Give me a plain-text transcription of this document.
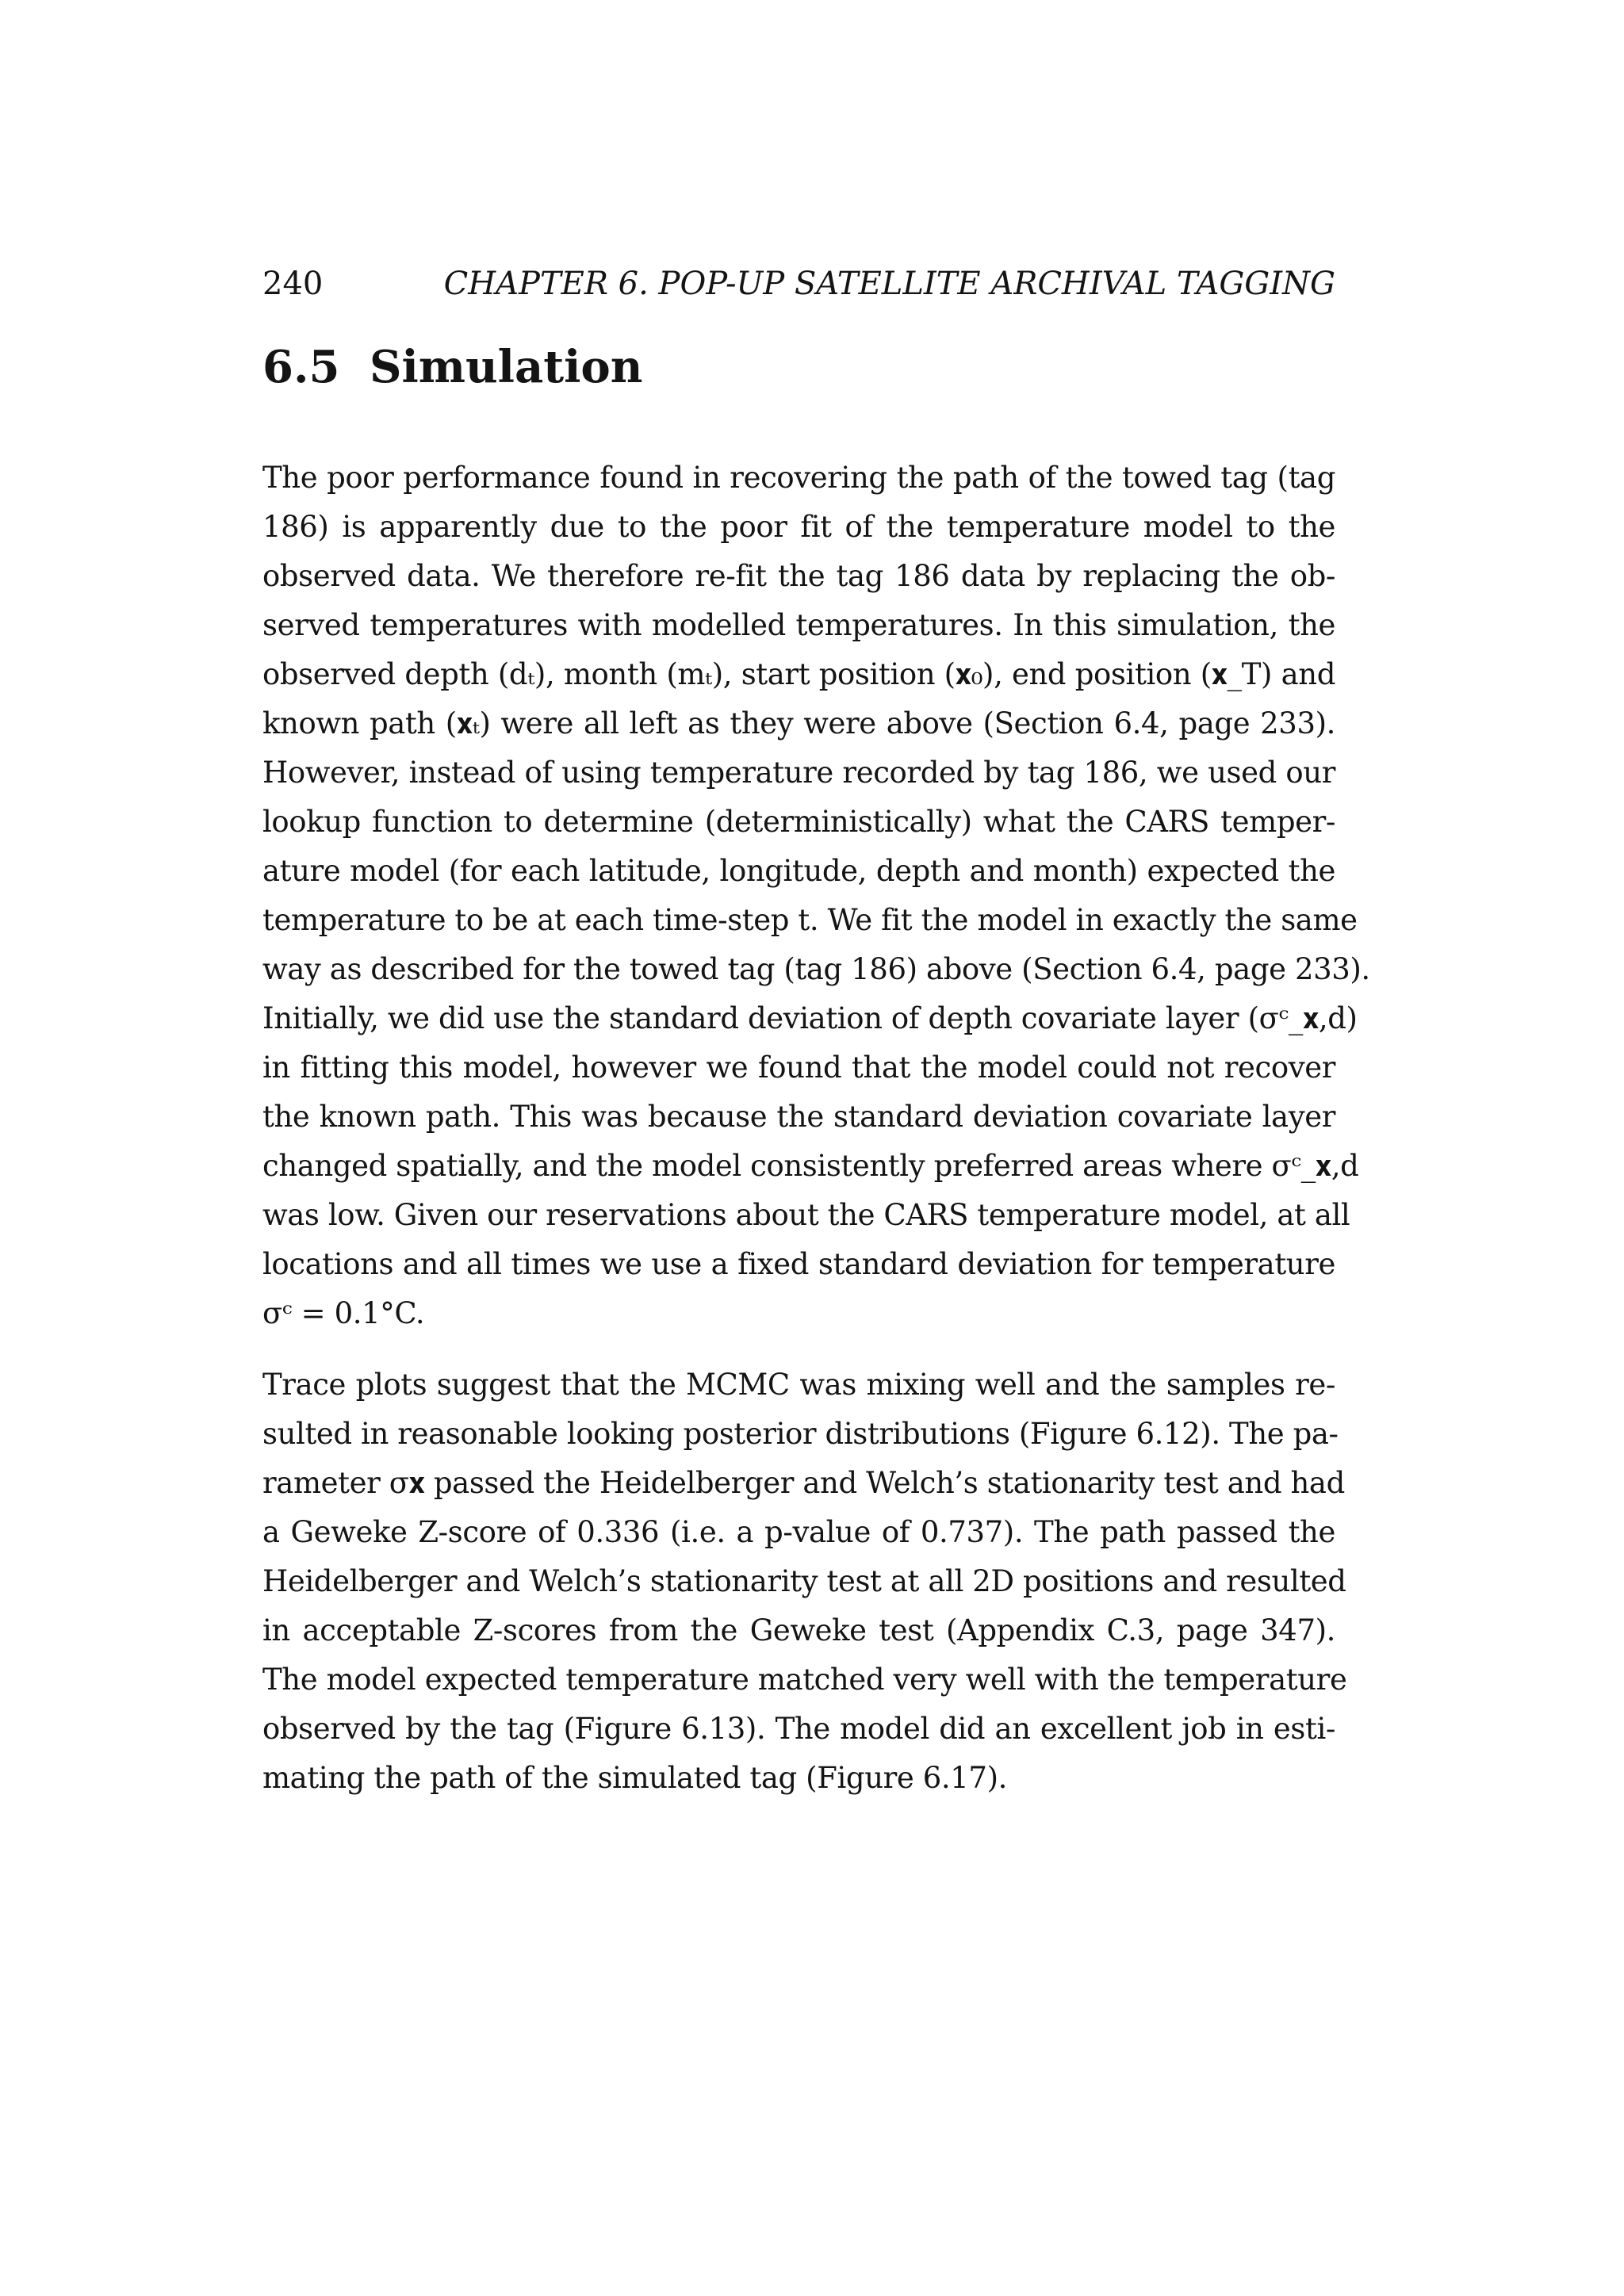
240	CHAPTER 6. POP-UP SATELLITE ARCHIVAL TAGGING
6.5 Simulation
The poor performance found in recovering the path of the towed tag (tag
186) is apparently due to the poor fit of the temperature model to the
observed data. We therefore re-fit the tag 186 data by replacing the ob-
served temperatures with modelled temperatures. In this simulation, the
observed depth (dₜ), month (mₜ), start position (𝐱₀), end position (𝐱_T) and
known path (𝐱ₜ) were all left as they were above (Section 6.4, page 233).
However, instead of using temperature recorded by tag 186, we used our
lookup function to determine (deterministically) what the CARS temper-
ature model (for each latitude, longitude, depth and month) expected the
temperature to be at each time-step t. We fit the model in exactly the same
way as described for the towed tag (tag 186) above (Section 6.4, page 233).
Initially, we did use the standard deviation of depth covariate layer (σᶜ_𝐱,d)
in fitting this model, however we found that the model could not recover
the known path. This was because the standard deviation covariate layer
changed spatially, and the model consistently preferred areas where σᶜ_𝐱,d
was low. Given our reservations about the CARS temperature model, at all
locations and all times we use a fixed standard deviation for temperature
σᶜ = 0.1°C.
Trace plots suggest that the MCMC was mixing well and the samples re-
sulted in reasonable looking posterior distributions (Figure 6.12). The pa-
rameter σ𝐱 passed the Heidelberger and Welch’s stationarity test and had
a Geweke Z-score of 0.336 (i.e. a p-value of 0.737). The path passed the
Heidelberger and Welch’s stationarity test at all 2D positions and resulted
in acceptable Z-scores from the Geweke test (Appendix C.3, page 347).
The model expected temperature matched very well with the temperature
observed by the tag (Figure 6.13). The model did an excellent job in esti-
mating the path of the simulated tag (Figure 6.17).
